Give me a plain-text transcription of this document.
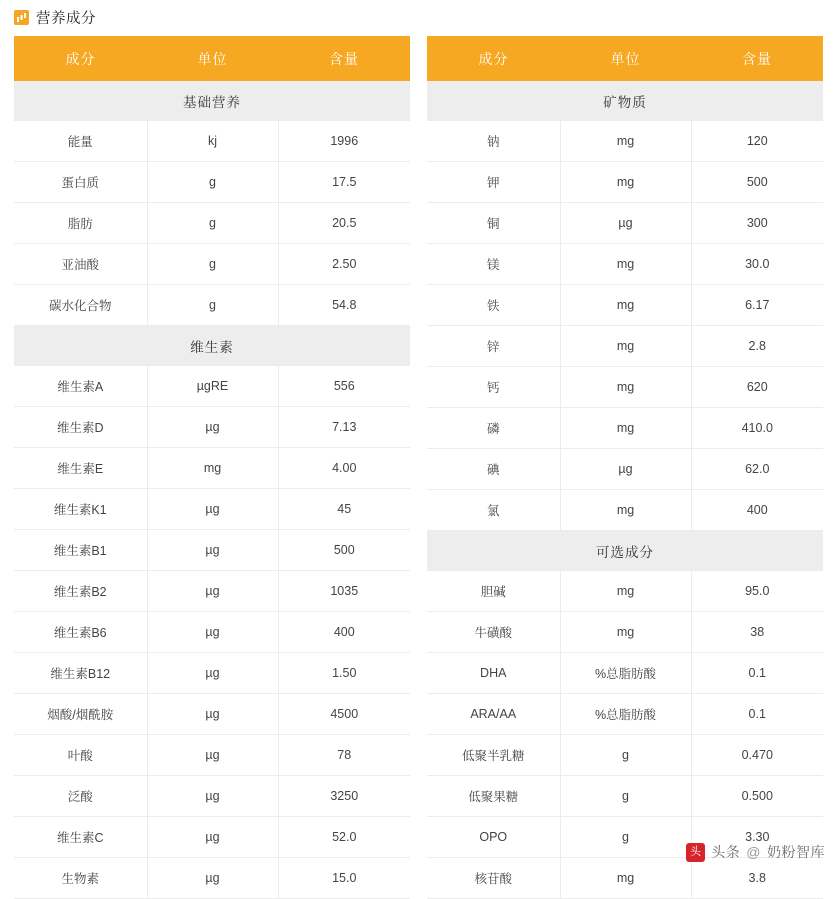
营养成分
成分	单位	含量
基础营养		
能量	kj	1996
蛋白质	g	17.5
脂肪	g	20.5
亚油酸	g	2.50
碳水化合物	g	54.8
维生素		
维生素A	µgRE	556
维生素D	µg	7.13
维生素E	mg	4.00
维生素K1	µg	45
维生素B1	µg	500
维生素B2	µg	1035
维生素B6	µg	400
维生素B12	µg	1.50
烟酸/烟酰胺	µg	4500
叶酸	µg	78
泛酸	µg	3250
维生素C	µg	52.0
生物素	µg	15.0
成分	单位	含量
矿物质		
钠	mg	120
钾	mg	500
铜	µg	300
镁	mg	30.0
铁	mg	6.17
锌	mg	2.8
钙	mg	620
磷	mg	410.0
碘	µg	62.0
氯	mg	400
可选成分		
胆碱	mg	95.0
牛磺酸	mg	38
DHA	%总脂肪酸	0.1
ARA/AA	%总脂肪酸	0.1
低聚半乳糖	g	0.470
低聚果糖	g	0.500
OPO	g	3.30
核苷酸	mg	3.8
头 头条 @ 奶粉智库
